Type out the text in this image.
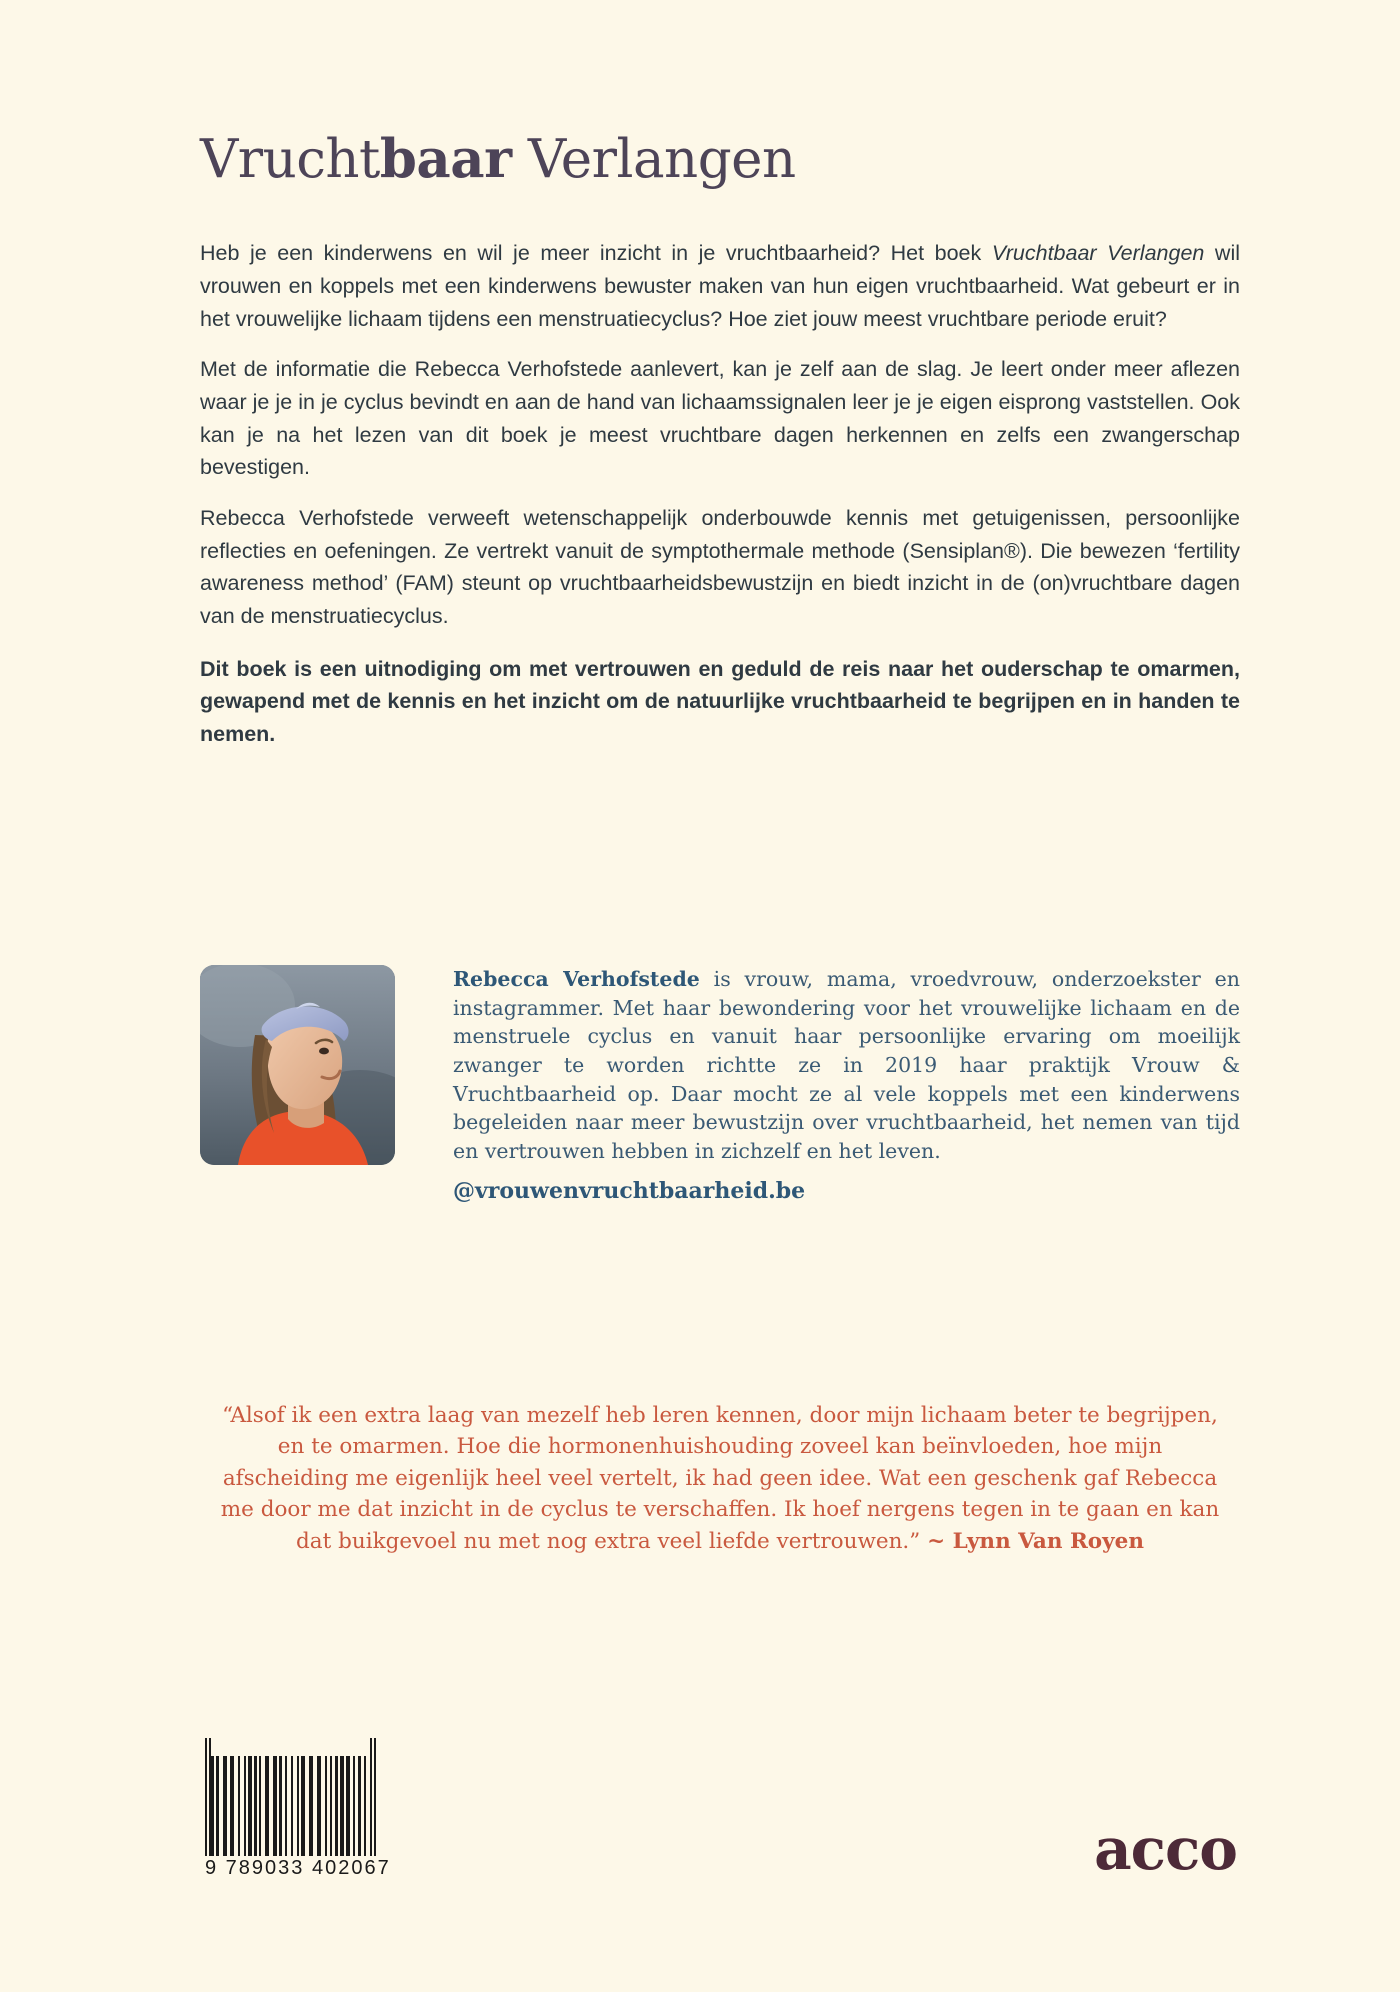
Vruchtbaar Verlangen

Heb je een kinderwens en wil je meer inzicht in je vruchtbaarheid? Het boek Vruchtbaar Verlangen wil vrouwen en koppels met een kinderwens bewuster maken van hun eigen vruchtbaarheid. Wat gebeurt er in het vrouwelijke lichaam tijdens een menstruatiecyclus? Hoe ziet jouw meest vruchtbare periode eruit?

Met de informatie die Rebecca Verhofstede aanlevert, kan je zelf aan de slag. Je leert onder meer aflezen waar je je in je cyclus bevindt en aan de hand van lichaamssignalen leer je je eigen eisprong vaststellen. Ook kan je na het lezen van dit boek je meest vruchtbare dagen herkennen en zelfs een zwangerschap bevestigen.

Rebecca Verhofstede verweeft wetenschappelijk onderbouwde kennis met getuigenissen, persoonlijke reflecties en oefeningen. Ze vertrekt vanuit de symptothermale methode (Sensiplan®). Die bewezen ‘fertility awareness method’ (FAM) steunt op vruchtbaarheidsbewustzijn en biedt inzicht in de (on)vruchtbare dagen van de menstruatiecyclus.

Dit boek is een uitnodiging om met vertrouwen en geduld de reis naar het ouderschap te omarmen, gewapend met de kennis en het inzicht om de natuurlijke vruchtbaarheid te begrijpen en in handen te nemen.

Rebecca Verhofstede is vrouw, mama, vroedvrouw, onderzoekster en instagrammer. Met haar bewondering voor het vrouwelijke lichaam en de menstruele cyclus en vanuit haar persoonlijke ervaring om moeilijk zwanger te worden richtte ze in 2019 haar praktijk Vrouw & Vruchtbaarheid op. Daar mocht ze al vele koppels met een kinderwens begeleiden naar meer bewustzijn over vruchtbaarheid, het nemen van tijd en vertrouwen hebben in zichzelf en het leven.
@vrouwenvruchtbaarheid.be
“Alsof ik een extra laag van mezelf heb leren kennen, door mijn lichaam beter te begrijpen, en te omarmen. Hoe die hormonenhuishouding zoveel kan beïnvloeden, hoe mijn afscheiding me eigenlijk heel veel vertelt, ik had geen idee. Wat een geschenk gaf Rebecca me door me dat inzicht in de cyclus te verschaffen. Ik hoef nergens tegen in te gaan en kan dat buikgevoel nu met nog extra veel liefde vertrouwen.” ~ Lynn Van Royen
9 789033 402067	acco
